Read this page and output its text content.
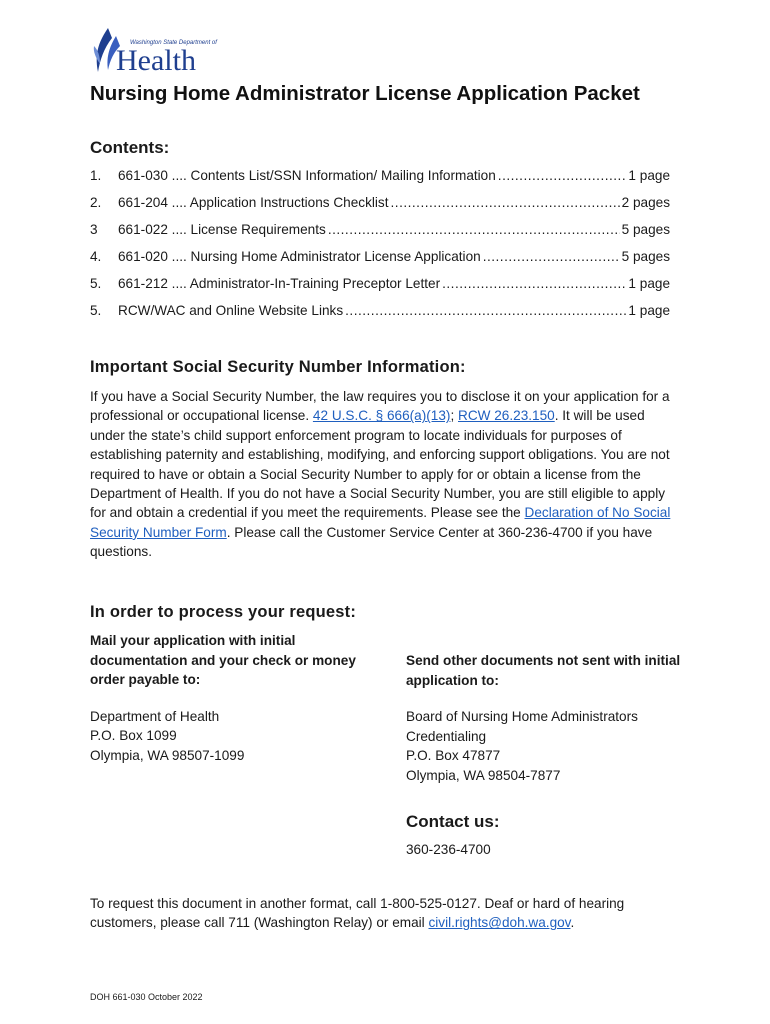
Washington State Department of
Health
Nursing Home Administrator License Application Packet
Contents:
1.	661-030 .... Contents List/SSN Information/ Mailing Information .....	1 page
2.	661-204 .... Application Instructions Checklist .....	2 pages
3	661-022 .... License Requirements .....	5 pages
4.	661-020 .... Nursing Home Administrator License Application .....	5 pages
5.	661-212 .... Administrator-In-Training Preceptor Letter .....	1 page
5.	RCW/WAC and Online Website Links .....	1 page
Important Social Security Number Information:

If you have a Social Security Number, the law requires you to disclose it on your application for a professional or occupational license. 42 U.S.C. § 666(a)(13); RCW 26.23.150. It will be used under the state’s child support enforcement program to locate individuals for purposes of establishing paternity and establishing, modifying, and enforcing support obligations. You are not required to have or obtain a Social Security Number to apply for or obtain a license from the Department of Health. If you do not have a Social Security Number, you are still eligible to apply for and obtain a credential if you meet the requirements. Please see the Declaration of No Social Security Number Form. Please call the Customer Service Center at 360-236-4700 if you have questions.

In order to process your request:

Mail your application with initial documentation and your check or money order payable to:

Department of Health

P.O. Box 1099

Olympia, WA 98507-1099

Send other documents not sent with initial application to:

Board of Nursing Home Administrators

Credentialing

P.O. Box 47877

Olympia, WA 98504-7877

Contact us:
360-236-4700

To request this document in another format, call 1-800-525-0127. Deaf or hard of hearing customers, please call 711 (Washington Relay) or email civil.rights@doh.wa.gov.

DOH 661-030 October 2022
